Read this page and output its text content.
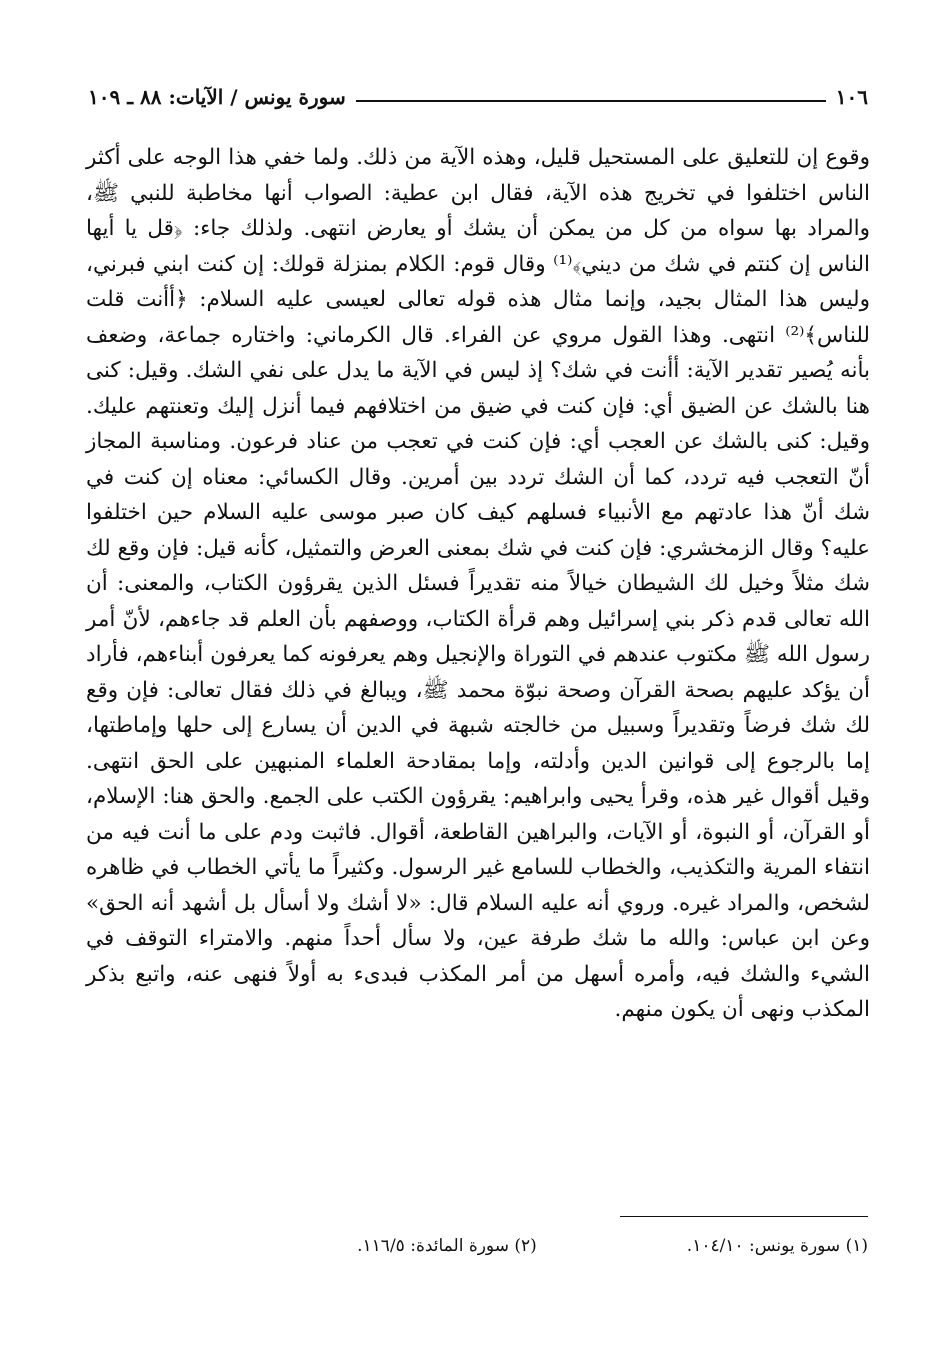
١٠٦
سورة يونس / الآيات: ٨٨ ـ ١٠٩

وقوع إن للتعليق على المستحيل قليل، وهذه الآية من ذلك. ولما خفي هذا الوجه على أكثر الناس اختلفوا في تخريج هذه الآية، فقال ابن عطية: الصواب أنها مخاطبة للنبي ﷺ، والمراد بها سواه من كل من يمكن أن يشك أو يعارض انتهى. ولذلك جاء: ﴿قل يا أيها الناس إن كنتم في شك من ديني﴾⁽¹⁾ وقال قوم: الكلام بمنزلة قولك: إن كنت ابني فبرني، وليس هذا المثال بجيد، وإنما مثال هذه قوله تعالى لعيسى عليه السلام: ﴿أأنت قلت للناس﴾⁽²⁾ انتهى. وهذا القول مروي عن الفراء. قال الكرماني: واختاره جماعة، وضعف بأنه يُصير تقدير الآية: أأنت في شك؟ إذ ليس في الآية ما يدل على نفي الشك. وقيل: كنى هنا بالشك عن الضيق أي: فإن كنت في ضيق من اختلافهم فيما أنزل إليك وتعنتهم عليك. وقيل: كنى بالشك عن العجب أي: فإن كنت في تعجب من عناد فرعون. ومناسبة المجاز أنّ التعجب فيه تردد، كما أن الشك تردد بين أمرين. وقال الكسائي: معناه إن كنت في شك أنّ هذا عادتهم مع الأنبياء فسلهم كيف كان صبر موسى عليه السلام حين اختلفوا عليه؟ وقال الزمخشري: فإن كنت في شك بمعنى العرض والتمثيل، كأنه قيل: فإن وقع لك شك مثلاً وخيل لك الشيطان خيالاً منه تقديراً فسئل الذين يقرؤون الكتاب، والمعنى: أن الله تعالى قدم ذكر بني إسرائيل وهم قرأة الكتاب، ووصفهم بأن العلم قد جاءهم، لأنّ أمر رسول الله ﷺ مكتوب عندهم في التوراة والإنجيل وهم يعرفونه كما يعرفون أبناءهم، فأراد أن يؤكد عليهم بصحة القرآن وصحة نبوّة محمد ﷺ، ويبالغ في ذلك فقال تعالى: فإن وقع لك شك فرضاً وتقديراً وسبيل من خالجته شبهة في الدين أن يسارع إلى حلها وإماطتها، إما بالرجوع إلى قوانين الدين وأدلته، وإما بمقادحة العلماء المنبهين على الحق انتهى. وقيل أقوال غير هذه، وقرأ يحيى وابراهيم: يقرؤون الكتب على الجمع. والحق هنا: الإسلام، أو القرآن، أو النبوة، أو الآيات، والبراهين القاطعة، أقوال. فاثبت ودم على ما أنت فيه من انتفاء المرية والتكذيب، والخطاب للسامع غير الرسول. وكثيراً ما يأتي الخطاب في ظاهره لشخص، والمراد غيره. وروي أنه عليه السلام قال: «لا أشك ولا أسأل بل أشهد أنه الحق» وعن ابن عباس: والله ما شك طرفة عين، ولا سأل أحداً منهم. والامتراء التوقف في الشيء والشك فيه، وأمره أسهل من أمر المكذب فبدىء به أولاً فنهى عنه، واتبع بذكر المكذب ونهى أن يكون منهم.

(١) سورة يونس: ١٠٤/١٠.
(٢) سورة المائدة: ١١٦/٥.
